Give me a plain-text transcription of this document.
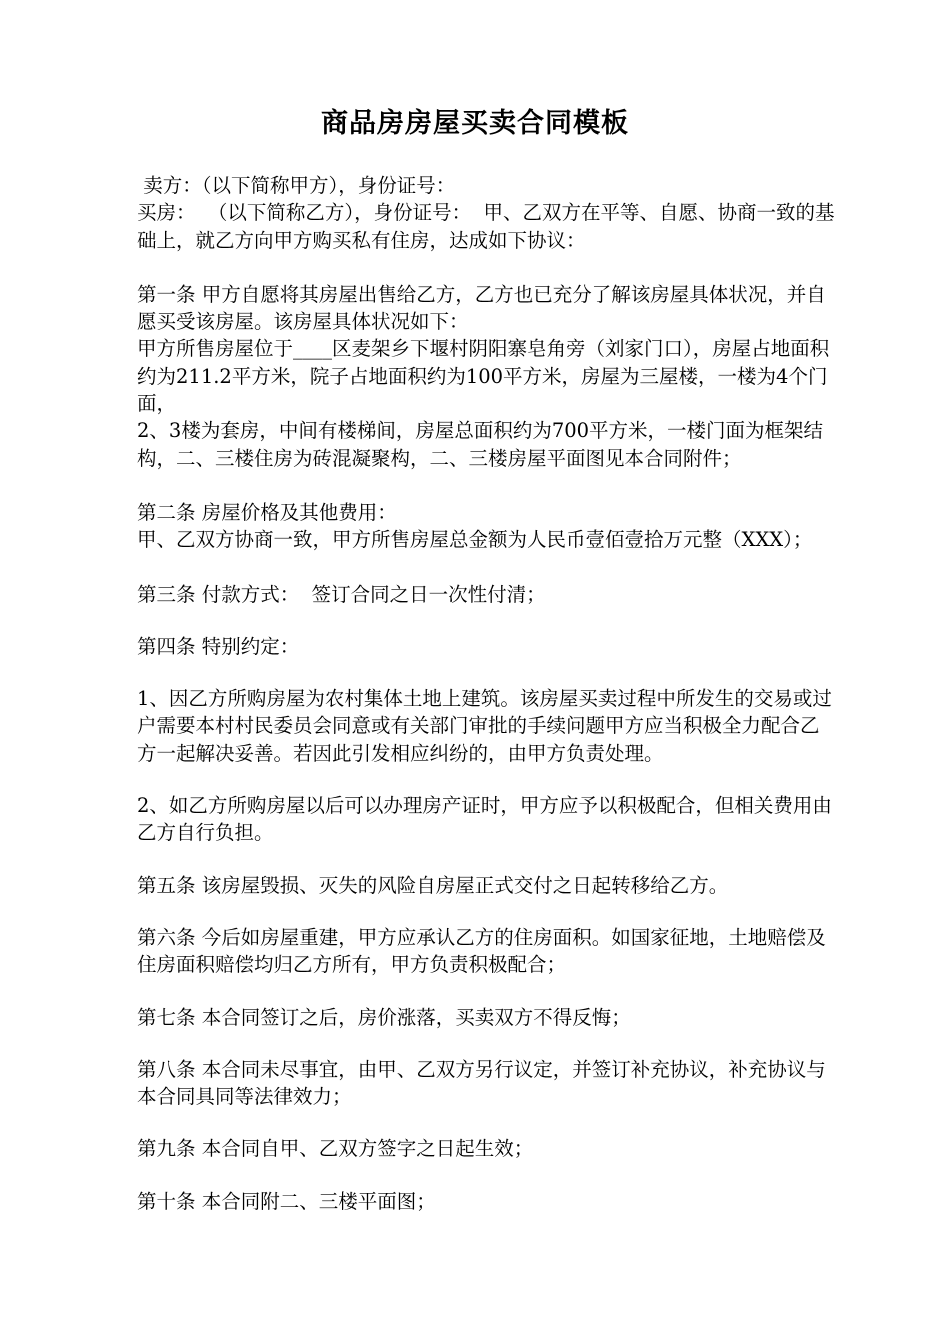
商品房房屋买卖合同模板

卖方：（以下简称甲方），身份证号：

买房：  （以下简称乙方），身份证号：  甲、乙双方在平等、自愿、协商一致的基础上，就乙方向甲方购买私有住房，达成如下协议：

第一条 甲方自愿将其房屋出售给乙方，乙方也已充分了解该房屋具体状况，并自愿买受该房屋。该房屋具体状况如下：

甲方所售房屋位于____区麦架乡下堰村阴阳寨皂角旁（刘家门口），房屋占地面积约为211.2平方米，院子占地面积约为100平方米，房屋为三屋楼，一楼为4个门面，

2、3楼为套房，中间有楼梯间，房屋总面积约为700平方米，一楼门面为框架结构，二、三楼住房为砖混凝聚构，二、三楼房屋平面图见本合同附件；

第二条 房屋价格及其他费用：

甲、乙双方协商一致，甲方所售房屋总金额为人民币壹佰壹拾万元整（XXX）；

第三条 付款方式：  签订合同之日一次性付清；

第四条 特别约定：

1、因乙方所购房屋为农村集体土地上建筑。该房屋买卖过程中所发生的交易或过户需要本村村民委员会同意或有关部门审批的手续问题甲方应当积极全力配合乙方一起解决妥善。若因此引发相应纠纷的，由甲方负责处理。

2、如乙方所购房屋以后可以办理房产证时，甲方应予以积极配合，但相关费用由乙方自行负担。

第五条 该房屋毁损、灭失的风险自房屋正式交付之日起转移给乙方。

第六条 今后如房屋重建，甲方应承认乙方的住房面积。如国家征地，土地赔偿及住房面积赔偿均归乙方所有，甲方负责积极配合；

第七条 本合同签订之后，房价涨落，买卖双方不得反悔；

第八条 本合同未尽事宜，由甲、乙双方另行议定，并签订补充协议，补充协议与本合同具同等法律效力；

第九条 本合同自甲、乙双方签字之日起生效；

第十条 本合同附二、三楼平面图；
